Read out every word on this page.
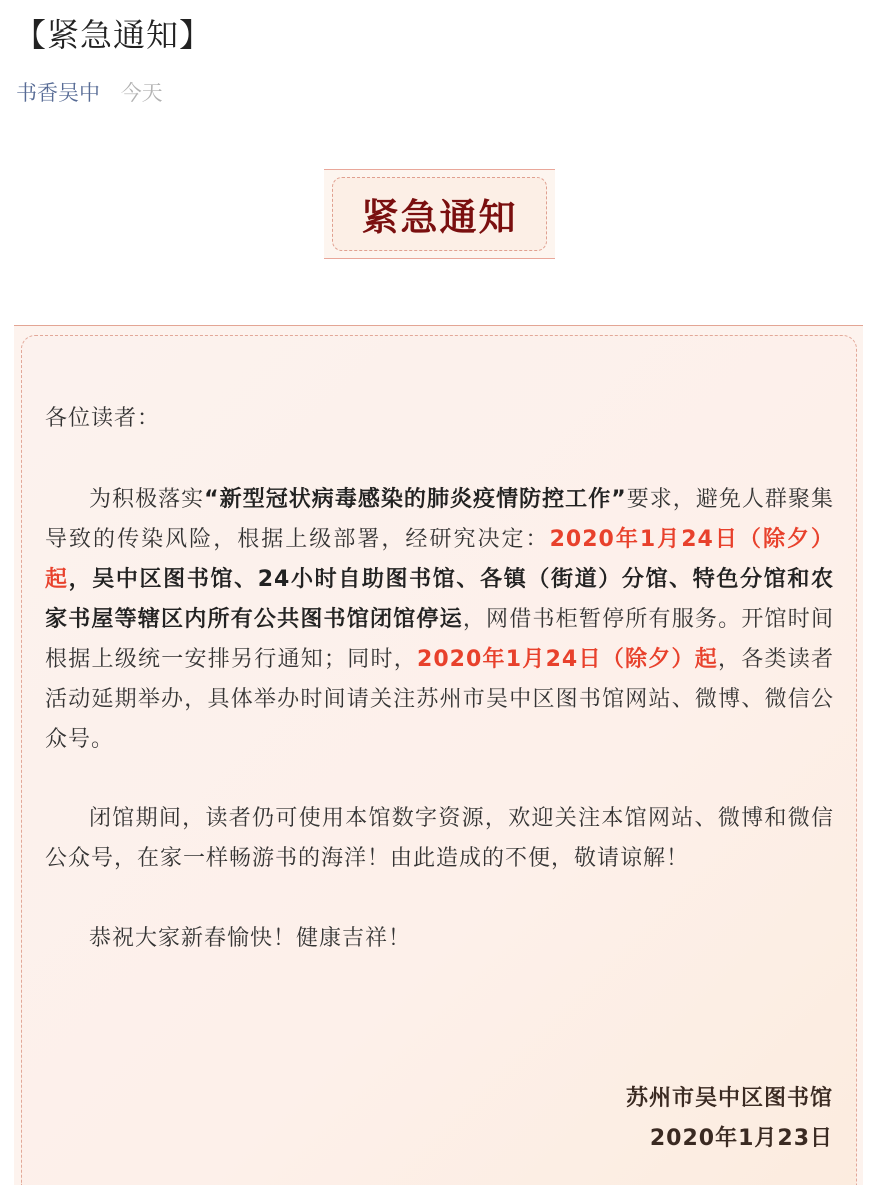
【紧急通知】
书香吴中 今天
紧急通知
各位读者：

为积极落实“新型冠状病毒感染的肺炎疫情防控工作”要求，避免人群聚集导致的传染风险，根据上级部署，经研究决定：2020年1月24日（除夕）起，吴中区图书馆、24小时自助图书馆、各镇（街道）分馆、特色分馆和农家书屋等辖区内所有公共图书馆闭馆停运，网借书柜暂停所有服务。开馆时间根据上级统一安排另行通知；同时，2020年1月24日（除夕）起，各类读者活动延期举办，具体举办时间请关注苏州市吴中区图书馆网站、微博、微信公众号。

闭馆期间，读者仍可使用本馆数字资源，欢迎关注本馆网站、微博和微信公众号，在家一样畅游书的海洋！由此造成的不便，敬请谅解！

恭祝大家新春愉快！健康吉祥！

苏州市吴中区图书馆
2020年1月23日
